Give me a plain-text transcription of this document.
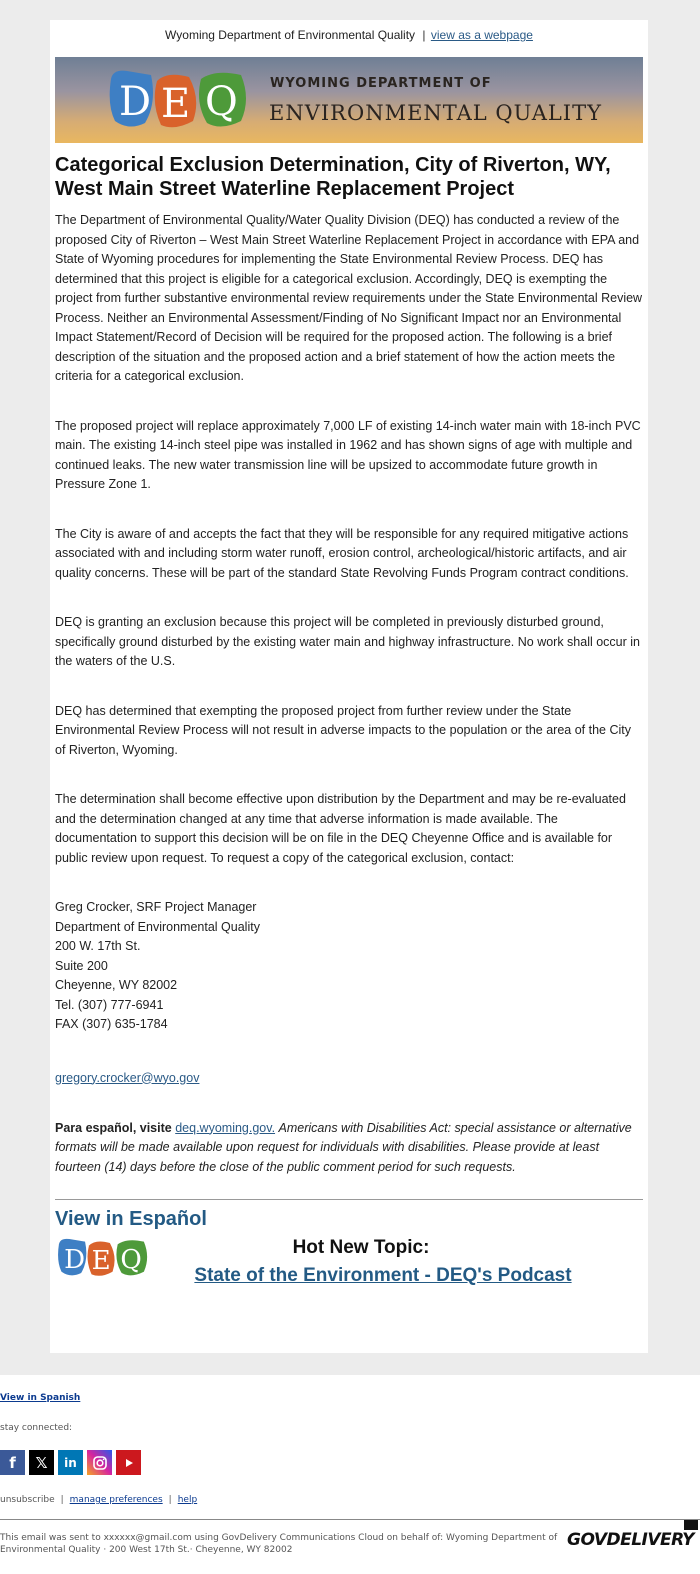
Wyoming Department of Environmental Quality | view as a webpage
D E Q WYOMING DEPARTMENT OF
ENVIRONMENTAL QUALITY
Categorical Exclusion Determination, City of Riverton, WY, West Main Street Waterline Replacement Project

The Department of Environmental Quality/Water Quality Division (DEQ) has conducted a review of the proposed City of Riverton – West Main Street Waterline Replacement Project in accordance with EPA and State of Wyoming procedures for implementing the State Environmental Review Process. DEQ has determined that this project is eligible for a categorical exclusion. Accordingly, DEQ is exempting the project from further substantive environmental review requirements under the State Environmental Review Process. Neither an Environmental Assessment/Finding of No Significant Impact nor an Environmental Impact Statement/Record of Decision will be required for the proposed action. The following is a brief description of the situation and the proposed action and a brief statement of how the action meets the criteria for a categorical exclusion.

The proposed project will replace approximately 7,000 LF of existing 14-inch water main with 18-inch PVC main. The existing 14-inch steel pipe was installed in 1962 and has shown signs of age with multiple and continued leaks. The new water transmission line will be upsized to accommodate future growth in Pressure Zone 1.

The City is aware of and accepts the fact that they will be responsible for any required mitigative actions associated with and including storm water runoff, erosion control, archeological/historic artifacts, and air quality concerns. These will be part of the standard State Revolving Funds Program contract conditions.

DEQ is granting an exclusion because this project will be completed in previously disturbed ground, specifically ground disturbed by the existing water main and highway infrastructure. No work shall occur in the waters of the U.S.

DEQ has determined that exempting the proposed project from further review under the State Environmental Review Process will not result in adverse impacts to the population or the area of the City of Riverton, Wyoming.

The determination shall become effective upon distribution by the Department and may be re-evaluated and the determination changed at any time that adverse information is made available. The documentation to support this decision will be on file in the DEQ Cheyenne Office and is available for public review upon request. To request a copy of the categorical exclusion, contact:

Greg Crocker, SRF Project Manager
Department of Environmental Quality
200 W. 17th St.
Suite 200
Cheyenne, WY 82002
Tel. (307) 777-6941
FAX (307) 635-1784
gregory.crocker@wyo.gov

Para español, visite deq.wyoming.gov. Americans with Disabilities Act: special assistance or alternative formats will be made available upon request for individuals with disabilities. Please provide at least fourteen (14) days before the close of the public comment period for such requests.

View in Español
D E Q	Hot New Topic:
State of the Environment - DEQ's Podcast
View in Spanish
stay connected:
f	𝕏	in
unsubscribe | manage preferences | help
This email was sent to xxxxxx@gmail.com using GovDelivery Communications Cloud on behalf of: Wyoming Department of Environmental Quality · 200 West 17th St.· Cheyenne, WY 82002	GOVDELIVERY
